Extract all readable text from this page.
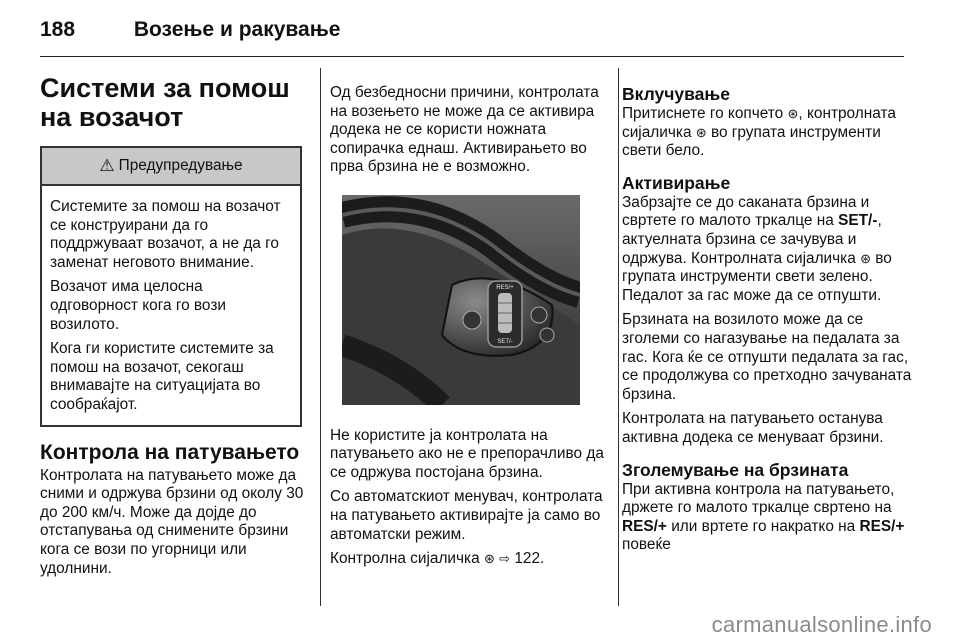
188	Возење и ракување
Системи за помош на возачот
⚠ Предупредување

Системите за помош на возачот се конструирани да го поддржуваат возачот, а не да го заменат неговото внимание.

Возачот има целосна одговорност кога го вози возилото.

Кога ги користите системите за помош на возачот, секогаш внимавајте на ситуацијата во сообраќајот.

Контрола на патувањето

Контролата на патувањето може да сними и одржува брзини од околу 30 до 200 км/ч. Може да дојде до отстапувања од снимените брзини кога се вози по угорници или удолнини.

Од безбедносни причини, контролата на возењето не може да се активира додека не се користи ножната сопирачка еднаш. Активирањето во прва брзина не е возможно.

RES/+
SET/-

Не користите ја контролата на патувањето ако не е препорачливо да се одржува постојана брзина.

Со автоматскиот менувач, контролата на патувањето активирајте ја само во автоматски режим.

Контролна сијаличка ⊛ ⇨ 122.

Вклучување

Притиснете го копчето ⊛, контролната сијаличка ⊛ во групата инструменти свети бело.

Активирање

Забрзајте се до саканата брзина и свртете го малото тркалце на SET/-, актуелната брзина се зачувува и одржува. Контролната сијаличка ⊛ во групата инструменти свети зелено.
Педалот за гас може да се отпушти.

Брзината на возилото може да се зголеми со нагазување на педалата за гас. Кога ќе се отпушти педалата за гас, се продолжува со претходно зачуваната брзина.

Контролата на патувањето останува активна додека се менуваат брзини.

Зголемување на брзината

При активна контрола на патувањето, држете го малото тркалце свртено на RES/+ или вртете го накратко на RES/+ повеќе

carmanualsonline.info
